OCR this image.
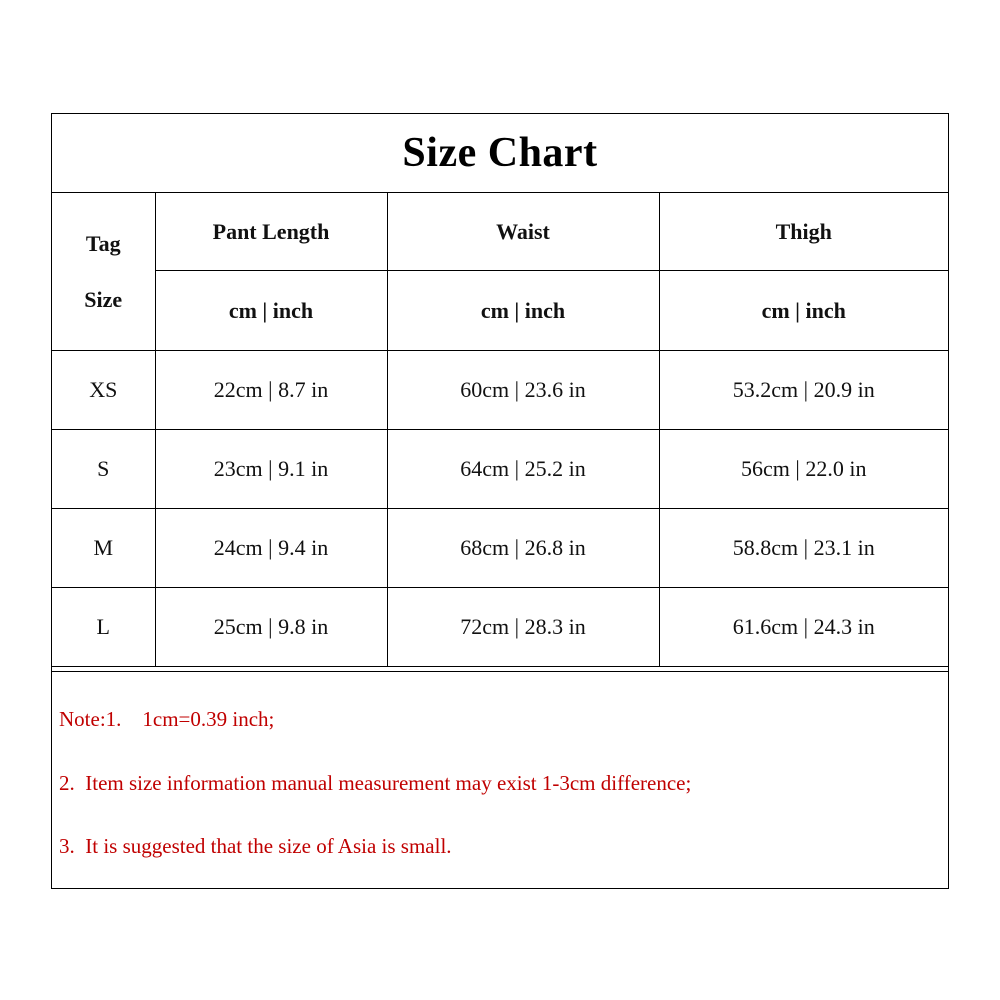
Size Chart
Tag
Size	Pant Length	Waist	Thigh
	cm | inch	cm | inch	cm | inch
XS	22cm | 8.7 in	60cm | 23.6 in	53.2cm | 20.9 in
S	23cm | 9.1 in	64cm | 25.2 in	56cm | 22.0 in
M	24cm | 9.4 in	68cm | 26.8 in	58.8cm | 23.1 in
L	25cm | 9.8 in	72cm | 28.3 in	61.6cm | 24.3 in
Note:1.    1cm=0.39 inch;
2.  Item size information manual measurement may exist 1-3cm difference;
3.  It is suggested that the size of Asia is small.
